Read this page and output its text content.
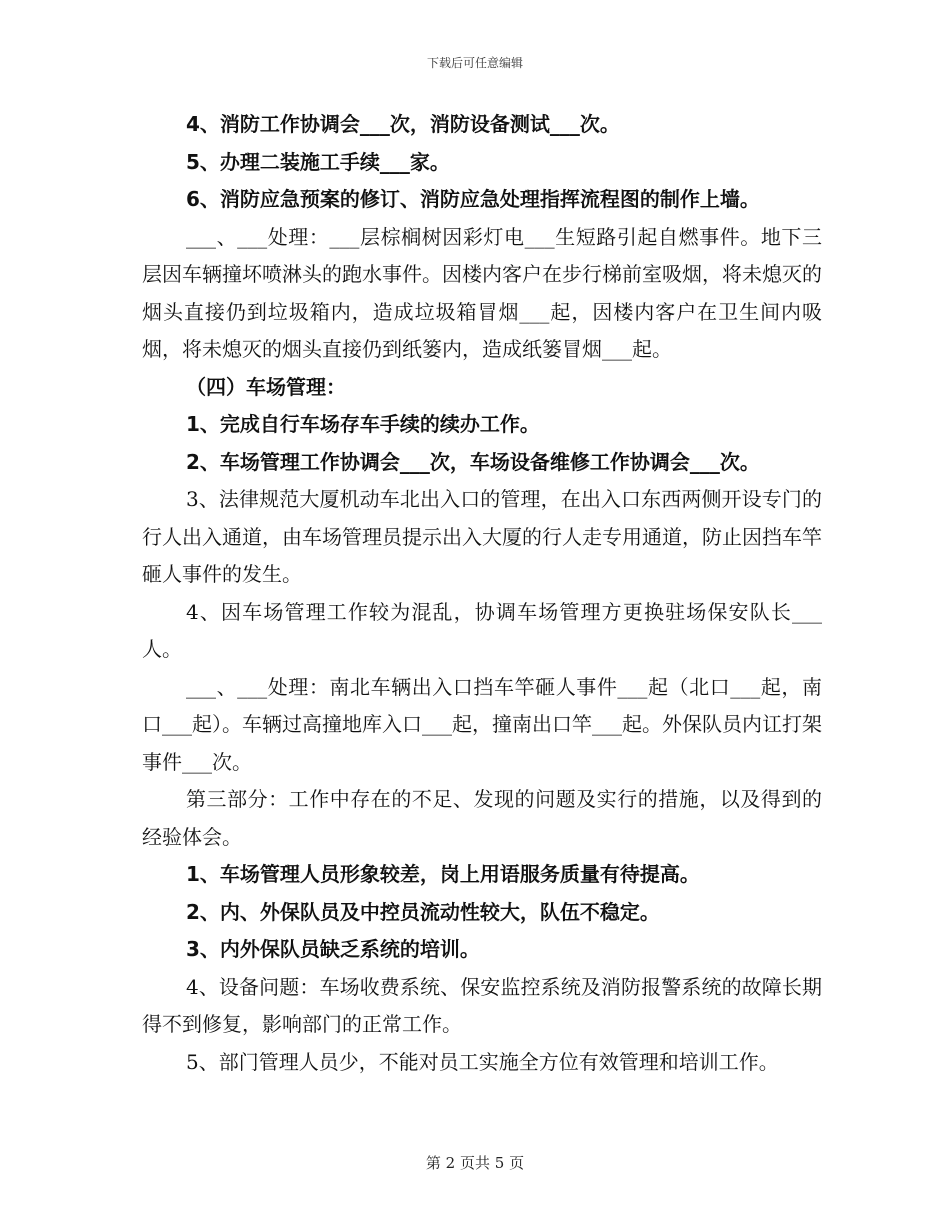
下载后可任意编辑

4、消防工作协调会___次，消防设备测试___次。

5、办理二装施工手续___家。

6、消防应急预案的修订、消防应急处理指挥流程图的制作上墙。

___、___处理：___层棕榈树因彩灯电___生短路引起自燃事件。地下三层因车辆撞坏喷淋头的跑水事件。因楼内客户在步行梯前室吸烟，将未熄灭的烟头直接仍到垃圾箱内，造成垃圾箱冒烟___起，因楼内客户在卫生间内吸烟，将未熄灭的烟头直接仍到纸篓内，造成纸篓冒烟___起。

（四）车场管理：

1、完成自行车场存车手续的续办工作。

2、车场管理工作协调会___次，车场设备维修工作协调会___次。

3、法律规范大厦机动车北出入口的管理，在出入口东西两侧开设专门的行人出入通道，由车场管理员提示出入大厦的行人走专用通道，防止因挡车竿砸人事件的发生。

4、因车场管理工作较为混乱，协调车场管理方更换驻场保安队长___人。

___、___处理：南北车辆出入口挡车竿砸人事件___起（北口___起，南口___起）。车辆过高撞地库入口___起，撞南出口竿___起。外保队员内讧打架事件___次。

第三部分：工作中存在的不足、发现的问题及实行的措施，以及得到的经验体会。

1、车场管理人员形象较差，岗上用语服务质量有待提高。

2、内、外保队员及中控员流动性较大，队伍不稳定。

3、内外保队员缺乏系统的培训。

4、设备问题：车场收费系统、保安监控系统及消防报警系统的故障长期得不到修复，影响部门的正常工作。

5、部门管理人员少，不能对员工实施全方位有效管理和培训工作。

第 2 页共 5 页
